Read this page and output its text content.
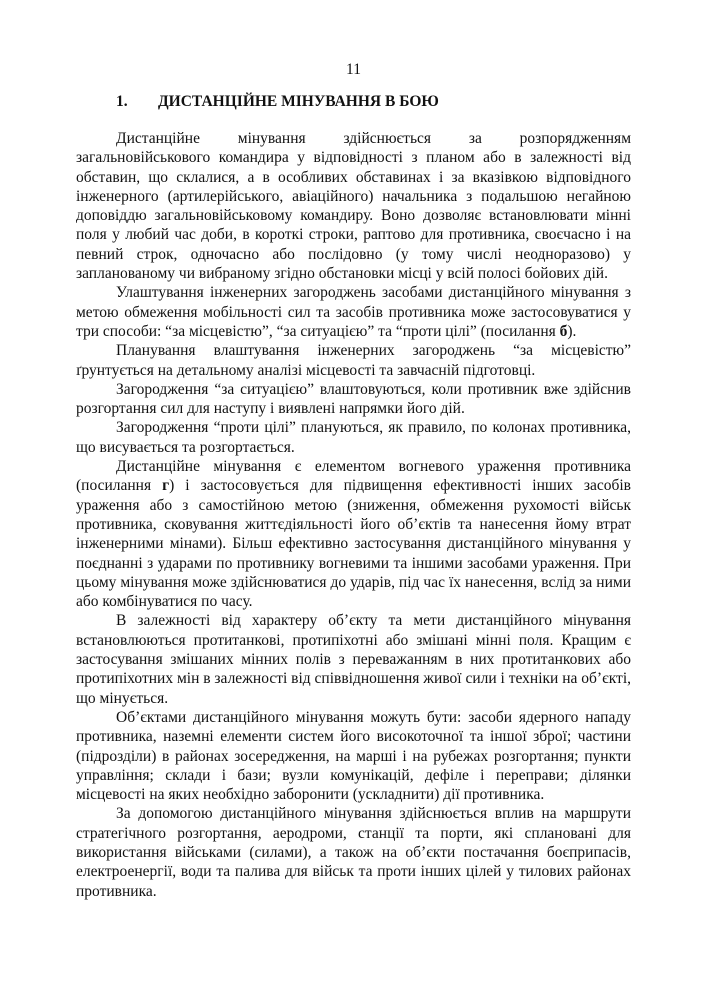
11
1. ДИСТАНЦІЙНЕ МІНУВАННЯ В БОЮ

Дистанційне мінування здійснюється за розпорядженням загальновійськового командира у відповідності з планом або в залежності від обставин, що склалися, а в особливих обставинах і за вказівкою відповідного інженерного (артилерійського, авіаційного) начальника з подальшою негайною доповіддю загальновійськовому командиру. Воно дозволяє встановлювати мінні поля у любий час доби, в короткі строки, раптово для противника, своєчасно і на певний строк, одночасно або послідовно (у тому числі неодноразово) у запланованому чи вибраному згідно обстановки місці у всій полосі бойових дій.

Улаштування інженерних загороджень засобами дистанційного мінування з метою обмеження мобільності сил та засобів противника може застосовуватися у три способи: “за місцевістю”, “за ситуацією” та “проти цілі” (посилання б).

Планування влаштування інженерних загороджень “за місцевістю” ґрунтується на детальному аналізі місцевості та завчасній підготовці.

Загородження “за ситуацією” влаштовуються, коли противник вже здійснив розгортання сил для наступу і виявлені напрямки його дій.

Загородження “проти цілі” плануються, як правило, по колонах противника, що висувається та розгортається.

Дистанційне мінування є елементом вогневого ураження противника (посилання г) і застосовується для підвищення ефективності інших засобів ураження або з самостійною метою (зниження, обмеження рухомості військ противника, сковування життєдіяльності його об’єктів та нанесення йому втрат інженерними мінами). Більш ефективно застосування дистанційного мінування у поєднанні з ударами по противнику вогневими та іншими засобами ураження. При цьому мінування може здійснюватися до ударів, під час їх нанесення, вслід за ними або комбінуватися по часу.

В залежності від характеру об’єкту та мети дистанційного мінування встановлюються протитанкові, протипіхотні або змішані мінні поля. Кращим є застосування змішаних мінних полів з переважанням в них протитанкових або протипіхотних мін в залежності від співвідношення живої сили і техніки на об’єкті, що мінується.

Об’єктами дистанційного мінування можуть бути: засоби ядерного нападу противника, наземні елементи систем його високоточної та іншої зброї; частини (підрозділи) в районах зосередження, на марші і на рубежах розгортання; пункти управління; склади і бази; вузли комунікацій, дефіле і переправи; ділянки місцевості на яких необхідно заборонити (ускладнити) дії противника.

За допомогою дистанційного мінування здійснюється вплив на маршрути стратегічного розгортання, аеродроми, станції та порти, які сплановані для використання військами (силами), а також на об’єкти постачання боєприпасів, електроенергії, води та палива для військ та проти інших цілей у тилових районах противника.
